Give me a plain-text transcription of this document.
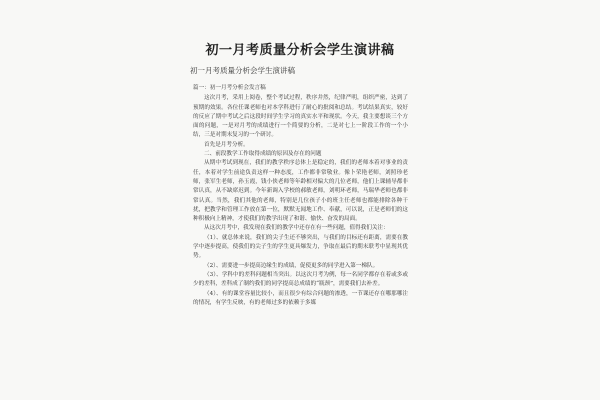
初一月考质量分析会学生演讲稿
初一月考质量分析会学生演讲稿

篇一：初一月考分析会发言稿

这次月考，采用上阅卷，整个考试过程，秩序井然，纪律严明，组织严密，达到了预期的效果。各位任课老师也对本学科进行了耐心的批阅和总结。考试结果真实，较好的反应了期中考试之后这段时间学生学习的真实水平和现状。今天，我主要想谈三个方面的问题，一是对月考的成绩进行一个简要的分析，二是对七上一阶段工作的一个小结，三是对期末复习的一个研讨。

首先是月考分析。

二、前段教学工作取得成绩的原因及存在的问题

从期中考试到现在，我们的教学秩序总体上是稳定的，我们的老师本着对事业的责任，本着对学生前途负责这样一种态度，工作都非常敬业。像卜荣艳老师，刘照珍老师，张军生老师，孙玉霞，钱小侠老师等年龄相对偏大的几位老师，他们上课辅导都非常认真，从不缺席迟到。今年新调入学校的郝敏老师，刘明环老师，马瑞华老师也都非常认真。当然，我们其他的老师，特别是几位孩子小的班主任老师也都能排除各种干扰，把教学和管理工作放在第一位，默默无闻地工作、奉献，可以说，正是老师们的这种积极向上精神，才使我们的教学出现了和谐、愉快、奋发的局面。

从这次月考中，我发现在我们的教学中还存在有一些问题，值得我们关注：

（1）、就总体来说，我们的尖子生还不够突出，与我们的目标还有距离，需要在教学中逐步提高，使我们的尖子生的学生更具爆发力，争取在最后的期末联考中显现其优势。

（2）、需要进一步提高边缘生的成绩，促使更多的同学进入第一梯队。

（3）、学科中的差科问题相当突出。以这次月考为例，每一名同学都存在着或多或少的差科，差科成了制约我们的同学提高总成绩的“瓶颈”，需要我们去补差。

（4）、有的课堂容量比较小，而且很少有综合问题的渗透，一节课还存在哪那哪注的情况，有学生反映，有的老师过多的依赖于多媒
